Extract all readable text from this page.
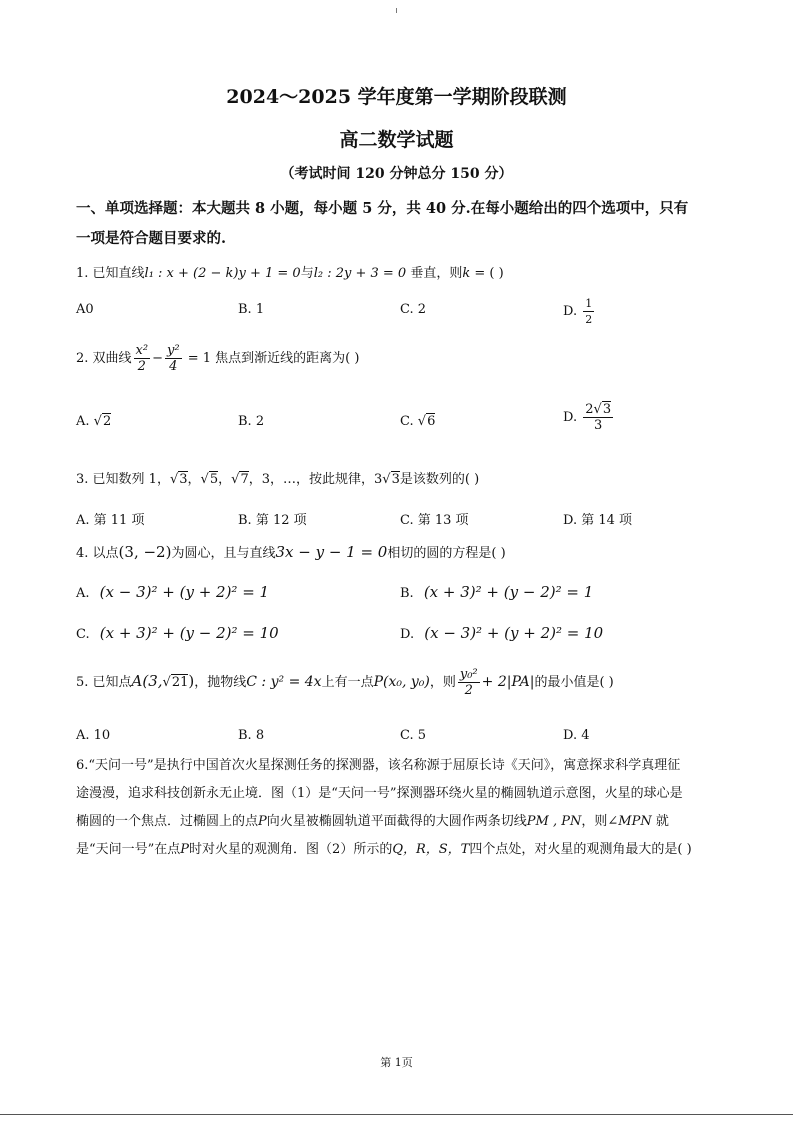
2024～2025 学年度第一学期阶段联测
高二数学试题
（考试时间 120 分钟总分 150 分）
一、单项选择题：本大题共 8 小题，每小题 5 分，共 40 分.在每小题给出的四个选项中，只有
一项是符合题目要求的.
1. 已知直线l₁ : x + (2 − k)y + 1 = 0与l₂ : 2y + 3 = 0 垂直，则k = ( )
A0	B. 1	C. 2	D. $\frac{1}{2}$
2. 双曲线 $\frac{\text{x²}}{2} - \frac{\text{y²}}{4} = 1$ 焦点到渐近线的距离为( )
A. √2	B. 2	C. √6	D. $\frac{2√3}{3}$
3. 已知数列 1，√3，√5，√7，3，…，按此规律，3√3是该数列的( )
A. 第 11 项	B. 第 12 项	C. 第 13 项	D. 第 14 项
4. 以点(3, −2)为圆心，且与直线3x − y − 1 = 0相切的圆的方程是( )
A. (x − 3)² + (y + 2)² = 1	B. (x + 3)² + (y − 2)² = 1
C. (x + 3)² + (y − 2)² = 10	D. (x − 3)² + (y + 2)² = 10
5. 已知点A(3,√21)，抛物线C : y² = 4x上有一点P(x₀, y₀)，则 $\frac{\text{y₀²}}{2} + 2|PA|$的最小值是( )
A. 10	B. 8	C. 5	D. 4
6.“天问一号”是执行中国首次火星探测任务的探测器，该名称源于屈原长诗《天问》，寓意探求科学真理征
途漫漫，追求科技创新永无止境．图（1）是“天问一号”探测器环绕火星的椭圆轨道示意图，火星的球心是
椭圆的一个焦点．过椭圆上的点P向火星被椭圆轨道平面截得的大圆作两条切线PM , PN，则∠MPN 就
是“天问一号”在点P时对火星的观测角．图（2）所示的Q，R，S，T四个点处，对火星的观测角最大的是( )
第 1页
